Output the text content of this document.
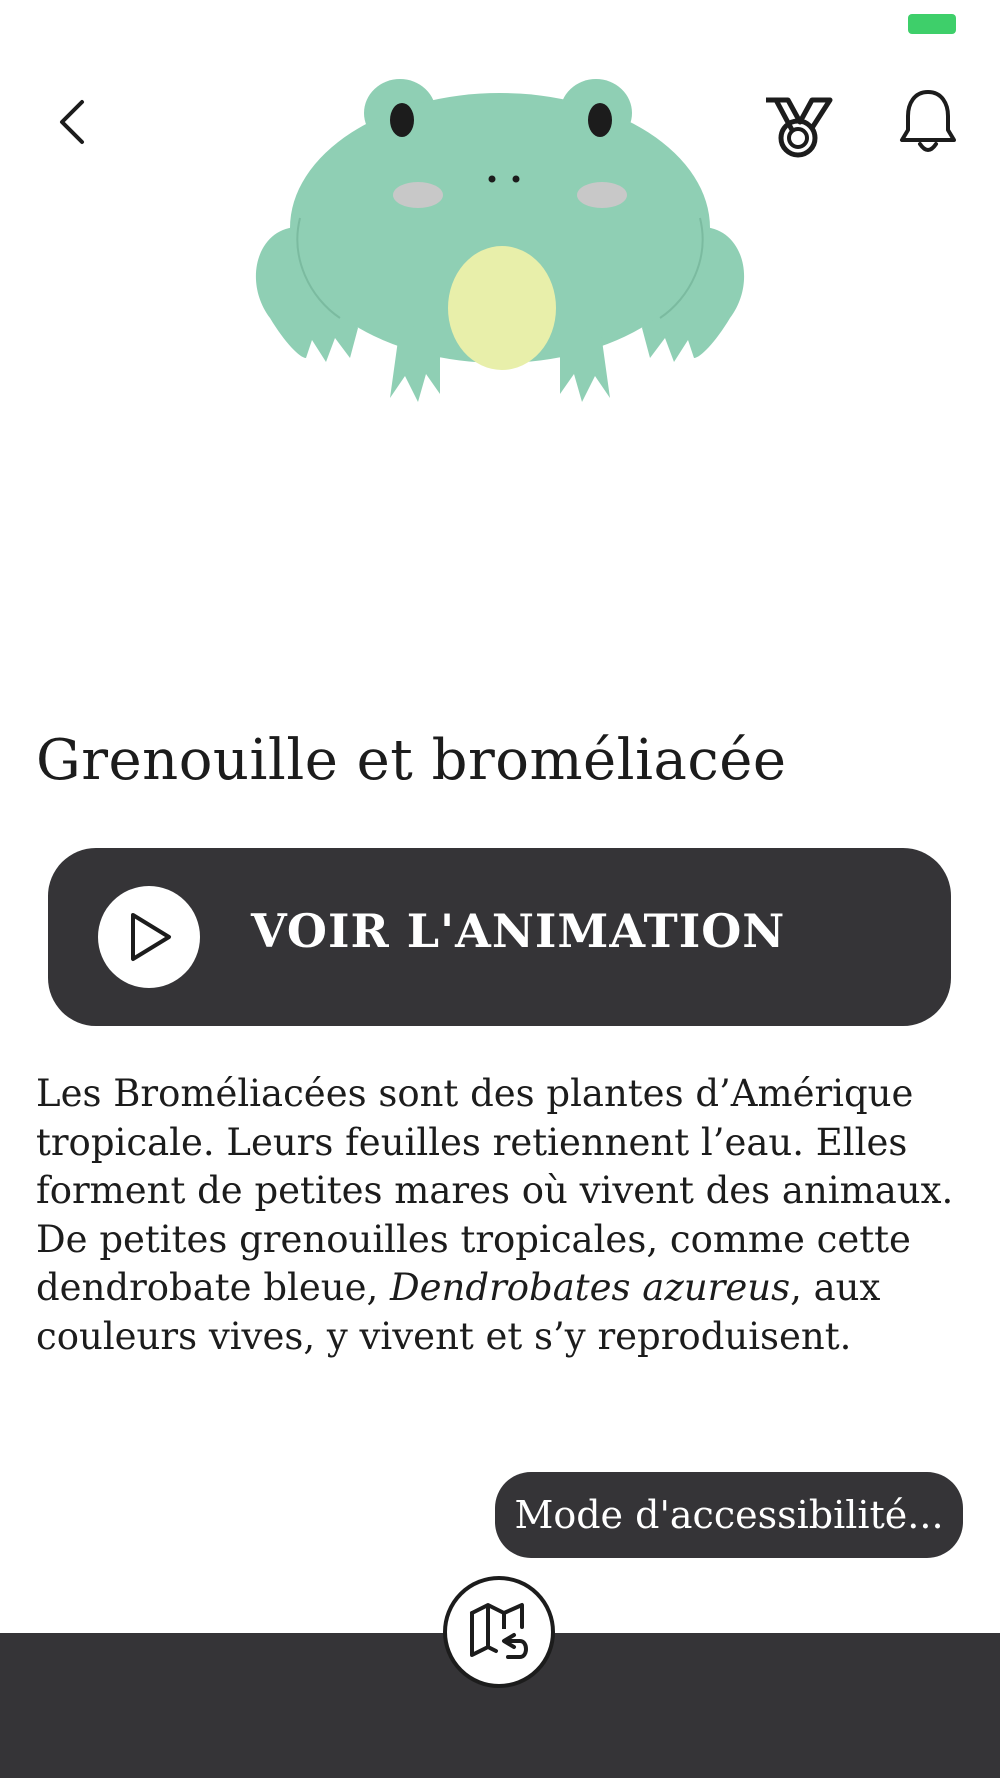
Grenouille et broméliacée
VOIR L'ANIMATION

Les Broméliacées sont des plantes d’Amérique tropicale. Leurs feuilles retiennent l’eau. Elles forment de petites mares où vivent des animaux. De petites grenouilles tropicales, comme cette dendrobate bleue, Dendrobates azureus, aux couleurs vives, y vivent et s’y reproduisent.

Mode d'accessibilité...
